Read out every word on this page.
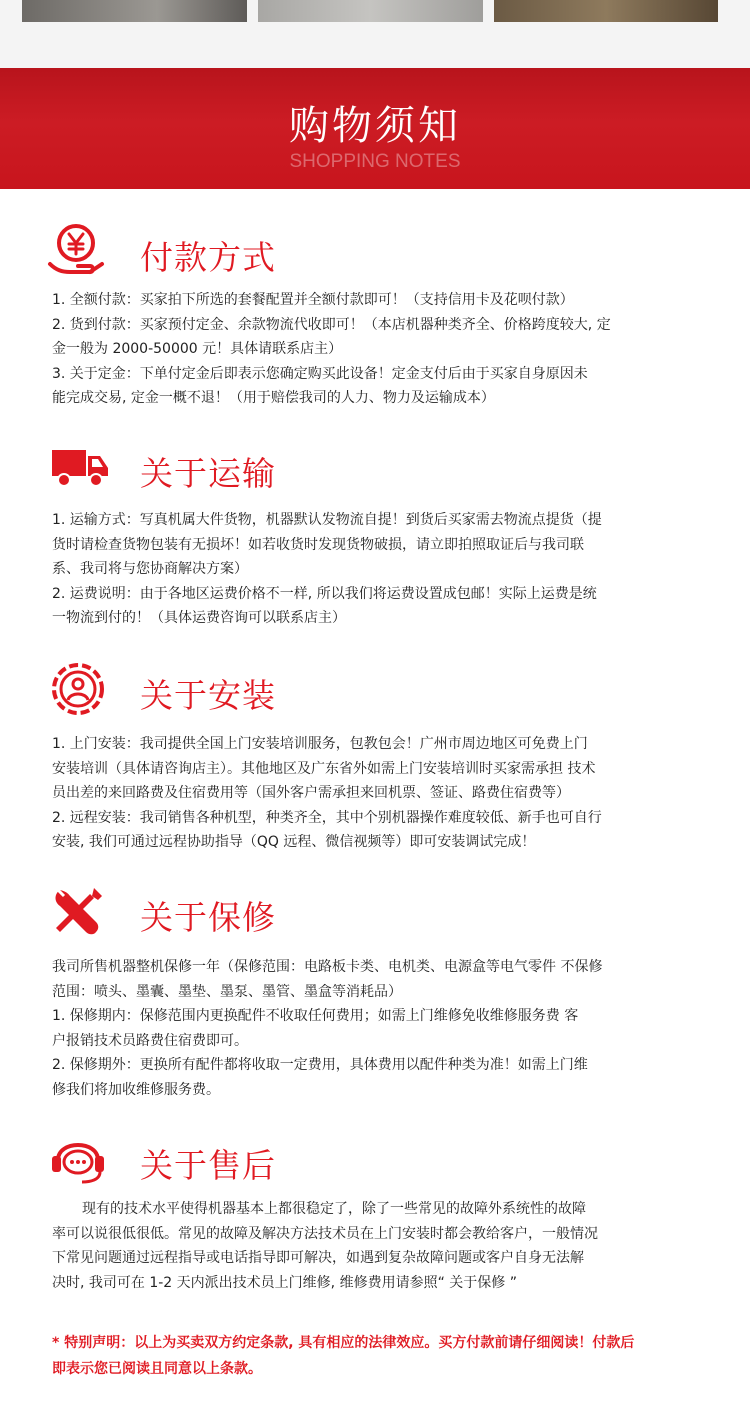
购物须知
SHOPPING NOTES
付款方式
1. 全额付款：买家拍下所选的套餐配置并全额付款即可！（支持信用卡及花呗付款）
2. 货到付款：买家预付定金、余款物流代收即可！（本店机器种类齐全、价格跨度较大, 定
金一般为 2000-50000 元！具体请联系店主）
3. 关于定金：下单付定金后即表示您确定购买此设备！定金支付后由于买家自身原因未
能完成交易, 定金一概不退！（用于赔偿我司的人力、物力及运输成本）
关于运输
1. 运输方式：写真机属大件货物，机器默认发物流自提！到货后买家需去物流点提货（提
货时请检查货物包装有无损坏！如若收货时发现货物破损，请立即拍照取证后与我司联
系、我司将与您协商解决方案）
2. 运费说明：由于各地区运费价格不一样, 所以我们将运费设置成包邮！实际上运费是统
一物流到付的！（具体运费咨询可以联系店主）
关于安装
1. 上门安装：我司提供全国上门安装培训服务，包教包会！广州市周边地区可免费上门
安装培训（具体请咨询店主）。其他地区及广东省外如需上门安装培训时买家需承担 技术
员出差的来回路费及住宿费用等（国外客户需承担来回机票、签证、路费住宿费等）
2. 远程安装：我司销售各种机型，种类齐全，其中个别机器操作难度较低、新手也可自行
安装, 我们可通过远程协助指导（QQ 远程、微信视频等）即可安装调试完成！
关于保修
我司所售机器整机保修一年（保修范围：电路板卡类、电机类、电源盒等电气零件 不保修
范围：喷头、墨囊、墨垫、墨泵、墨管、墨盒等消耗品）
1. 保修期内：保修范围内更换配件不收取任何费用；如需上门维修免收维修服务费 客
户报销技术员路费住宿费即可。
2. 保修期外：更换所有配件都将收取一定费用，具体费用以配件种类为准！如需上门维
修我们将加收维修服务费。
关于售后
现有的技术水平使得机器基本上都很稳定了，除了一些常见的故障外系统性的故障
率可以说很低很低。常见的故障及解决方法技术员在上门安装时都会教给客户，一般情况
下常见问题通过远程指导或电话指导即可解决，如遇到复杂故障问题或客户自身无法解
决时, 我司可在 1-2 天内派出技术员上门维修, 维修费用请参照“ 关于保修 ”
* 特别声明：以上为买卖双方约定条款, 具有相应的法律效应。买方付款前请仔细阅读！付款后
即表示您已阅读且同意以上条款。
